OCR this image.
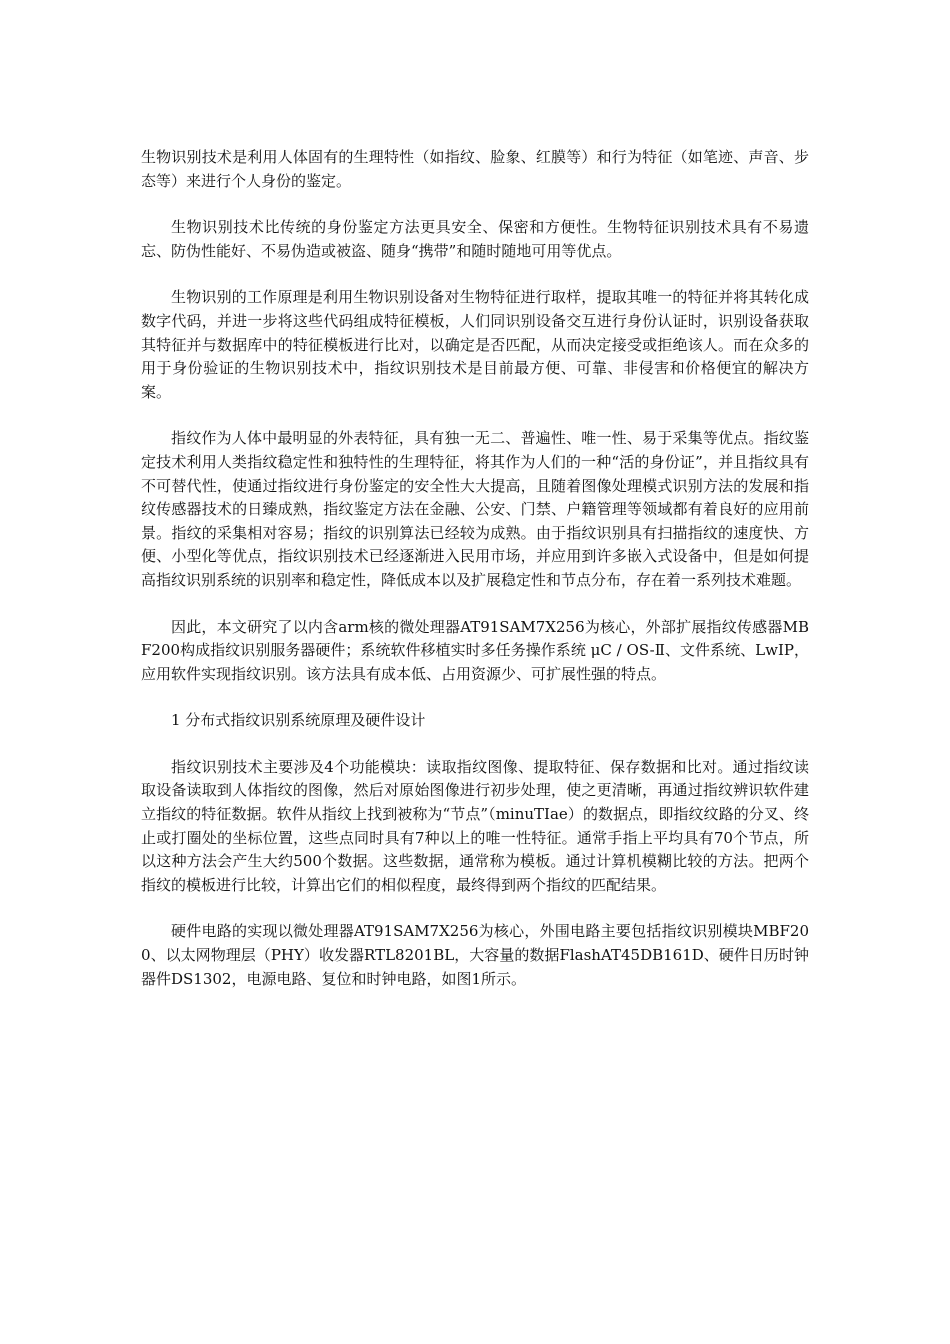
生物识别技术是利用人体固有的生理特性（如指纹、脸象、红膜等）和行为特征（如笔迹、声音、步态等）来进行个人身份的鉴定。

生物识别技术比传统的身份鉴定方法更具安全、保密和方便性。生物特征识别技术具有不易遗忘、防伪性能好、不易伪造或被盗、随身“携带”和随时随地可用等优点。

生物识别的工作原理是利用生物识别设备对生物特征进行取样，提取其唯一的特征并将其转化成数字代码，并进一步将这些代码组成特征模板，人们同识别设备交互进行身份认证时，识别设备获取其特征并与数据库中的特征模板进行比对，以确定是否匹配，从而决定接受或拒绝该人。而在众多的用于身份验证的生物识别技术中，指纹识别技术是目前最方便、可靠、非侵害和价格便宜的解决方案。

指纹作为人体中最明显的外表特征，具有独一无二、普遍性、唯一性、易于采集等优点。指纹鉴定技术利用人类指纹稳定性和独特性的生理特征，将其作为人们的一种“活的身份证”，并且指纹具有不可替代性，使通过指纹进行身份鉴定的安全性大大提高，且随着图像处理模式识别方法的发展和指纹传感器技术的日臻成熟，指纹鉴定方法在金融、公安、门禁、户籍管理等领域都有着良好的应用前景。指纹的采集相对容易；指纹的识别算法已经较为成熟。由于指纹识别具有扫描指纹的速度快、方便、小型化等优点，指纹识别技术已经逐渐进入民用市场，并应用到许多嵌入式设备中，但是如何提高指纹识别系统的识别率和稳定性，降低成本以及扩展稳定性和节点分布，存在着一系列技术难题。

因此，本文研究了以内含arm核的微处理器AT91SAM7X256为核心，外部扩展指纹传感器MBF200构成指纹识别服务器硬件；系统软件移植实时多任务操作系统 μC / OS-Ⅱ、文件系统、LwIP，应用软件实现指纹识别。该方法具有成本低、占用资源少、可扩展性强的特点。

1 分布式指纹识别系统原理及硬件设计

指纹识别技术主要涉及4个功能模块：读取指纹图像、提取特征、保存数据和比对。通过指纹读取设备读取到人体指纹的图像，然后对原始图像进行初步处理，使之更清晰，再通过指纹辨识软件建立指纹的特征数据。软件从指纹上找到被称为“节点”（minuTIae）的数据点，即指纹纹路的分叉、终止或打圈处的坐标位置，这些点同时具有7种以上的唯一性特征。通常手指上平均具有70个节点，所以这种方法会产生大约500个数据。这些数据，通常称为模板。通过计算机模糊比较的方法。把两个指纹的模板进行比较，计算出它们的相似程度，最终得到两个指纹的匹配结果。

硬件电路的实现以微处理器AT91SAM7X256为核心，外围电路主要包括指纹识别模块MBF200、以太网物理层（PHY）收发器RTL8201BL，大容量的数据FlashAT45DB161D、硬件日历时钟器件DS1302，电源电路、复位和时钟电路，如图1所示。
